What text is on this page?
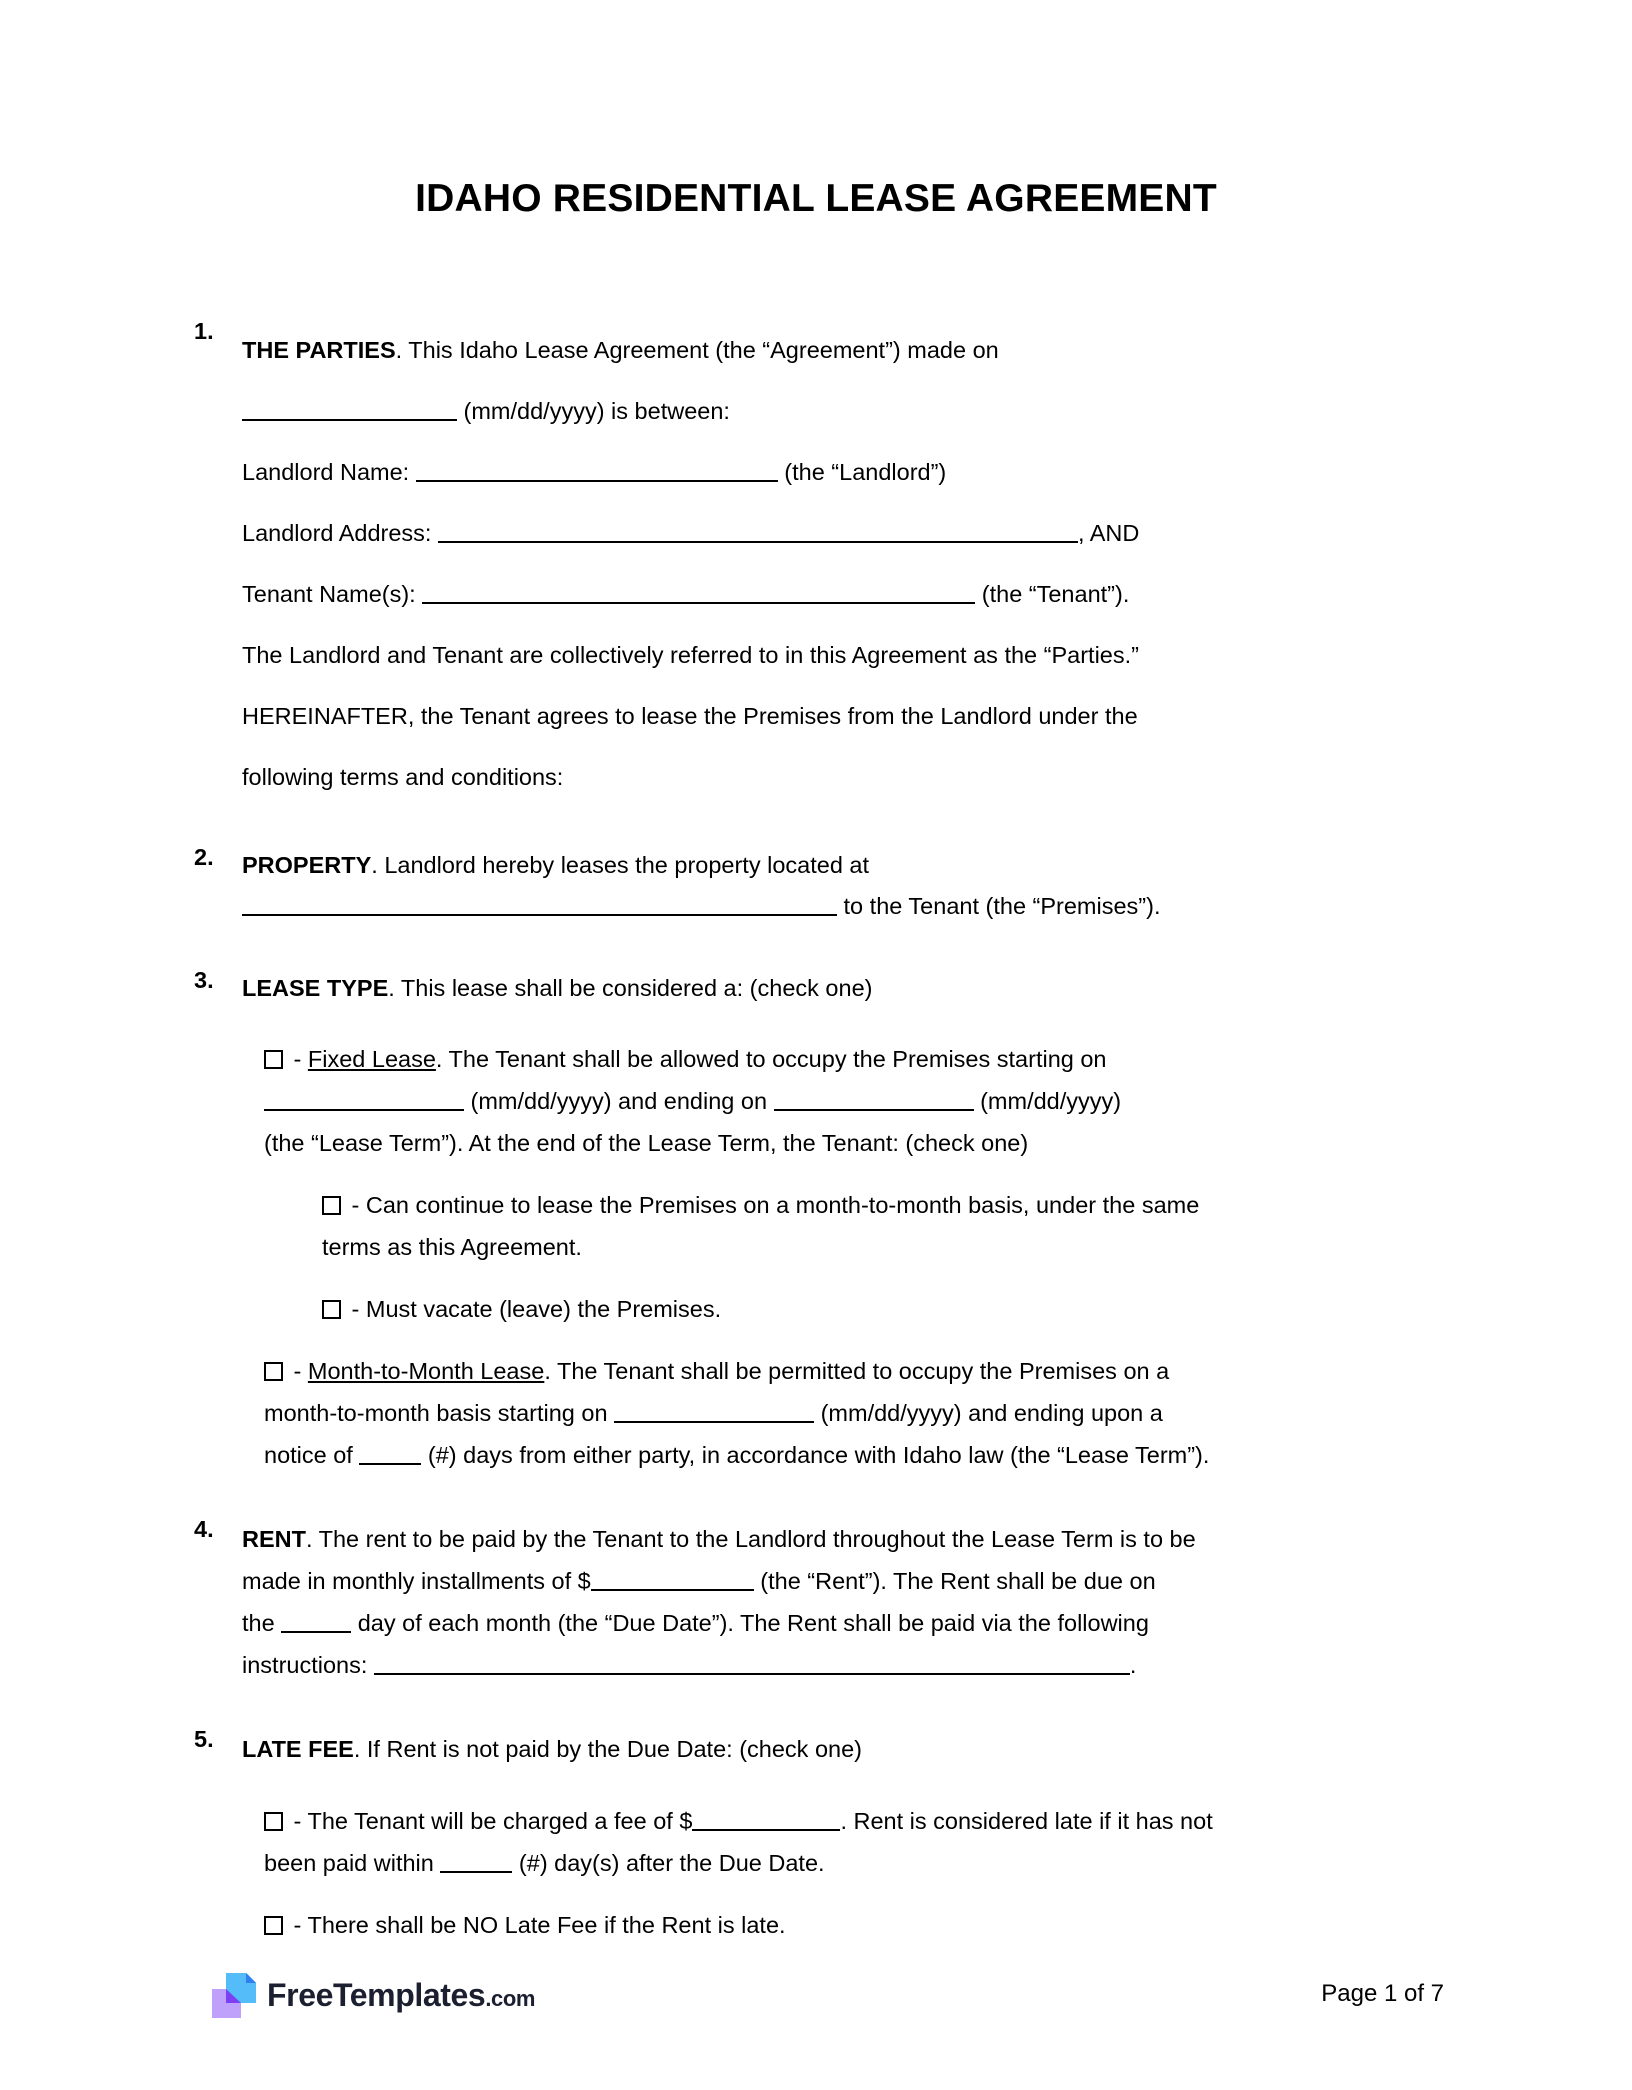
IDAHO RESIDENTIAL LEASE AGREEMENT
1.

THE PARTIES. This Idaho Lease Agreement (the “Agreement”) made on

(mm/dd/yyyy) is between:

Landlord Name:	(the “Landlord”)

Landlord Address:	, AND

Tenant Name(s):	(the “Tenant”).

The Landlord and Tenant are collectively referred to in this Agreement as the “Parties.”

HEREINAFTER, the Tenant agrees to lease the Premises from the Landlord under the

following terms and conditions:

2.	PROPERTY. Landlord hereby leases the property located at

to the Tenant (the “Premises”).

3.	LEASE TYPE. This lease shall be considered a: (check one)

- Fixed Lease. The Tenant shall be allowed to occupy the Premises starting on

(mm/dd/yyyy) and ending on	(mm/dd/yyyy)

(the “Lease Term”). At the end of the Lease Term, the Tenant: (check one)

- Can continue to lease the Premises on a month-to-month basis, under the same

terms as this Agreement.

- Must vacate (leave) the Premises.

- Month-to-Month Lease. The Tenant shall be permitted to occupy the Premises on a

month-to-month basis starting on	(mm/dd/yyyy) and ending upon a

notice of	(#) days from either party, in accordance with Idaho law (the “Lease Term”).

4.	RENT. The rent to be paid by the Tenant to the Landlord throughout the Lease Term is to be

made in monthly installments of $	(the “Rent”). The Rent shall be due on

the	day of each month (the “Due Date”). The Rent shall be paid via the following

instructions:	.

5.	LATE FEE. If Rent is not paid by the Due Date: (check one)

- The Tenant will be charged a fee of $	. Rent is considered late if it has not

been paid within	(#) day(s) after the Due Date.

- There shall be NO Late Fee if the Rent is late.

FreeTemplates.com	Page 1 of 7
